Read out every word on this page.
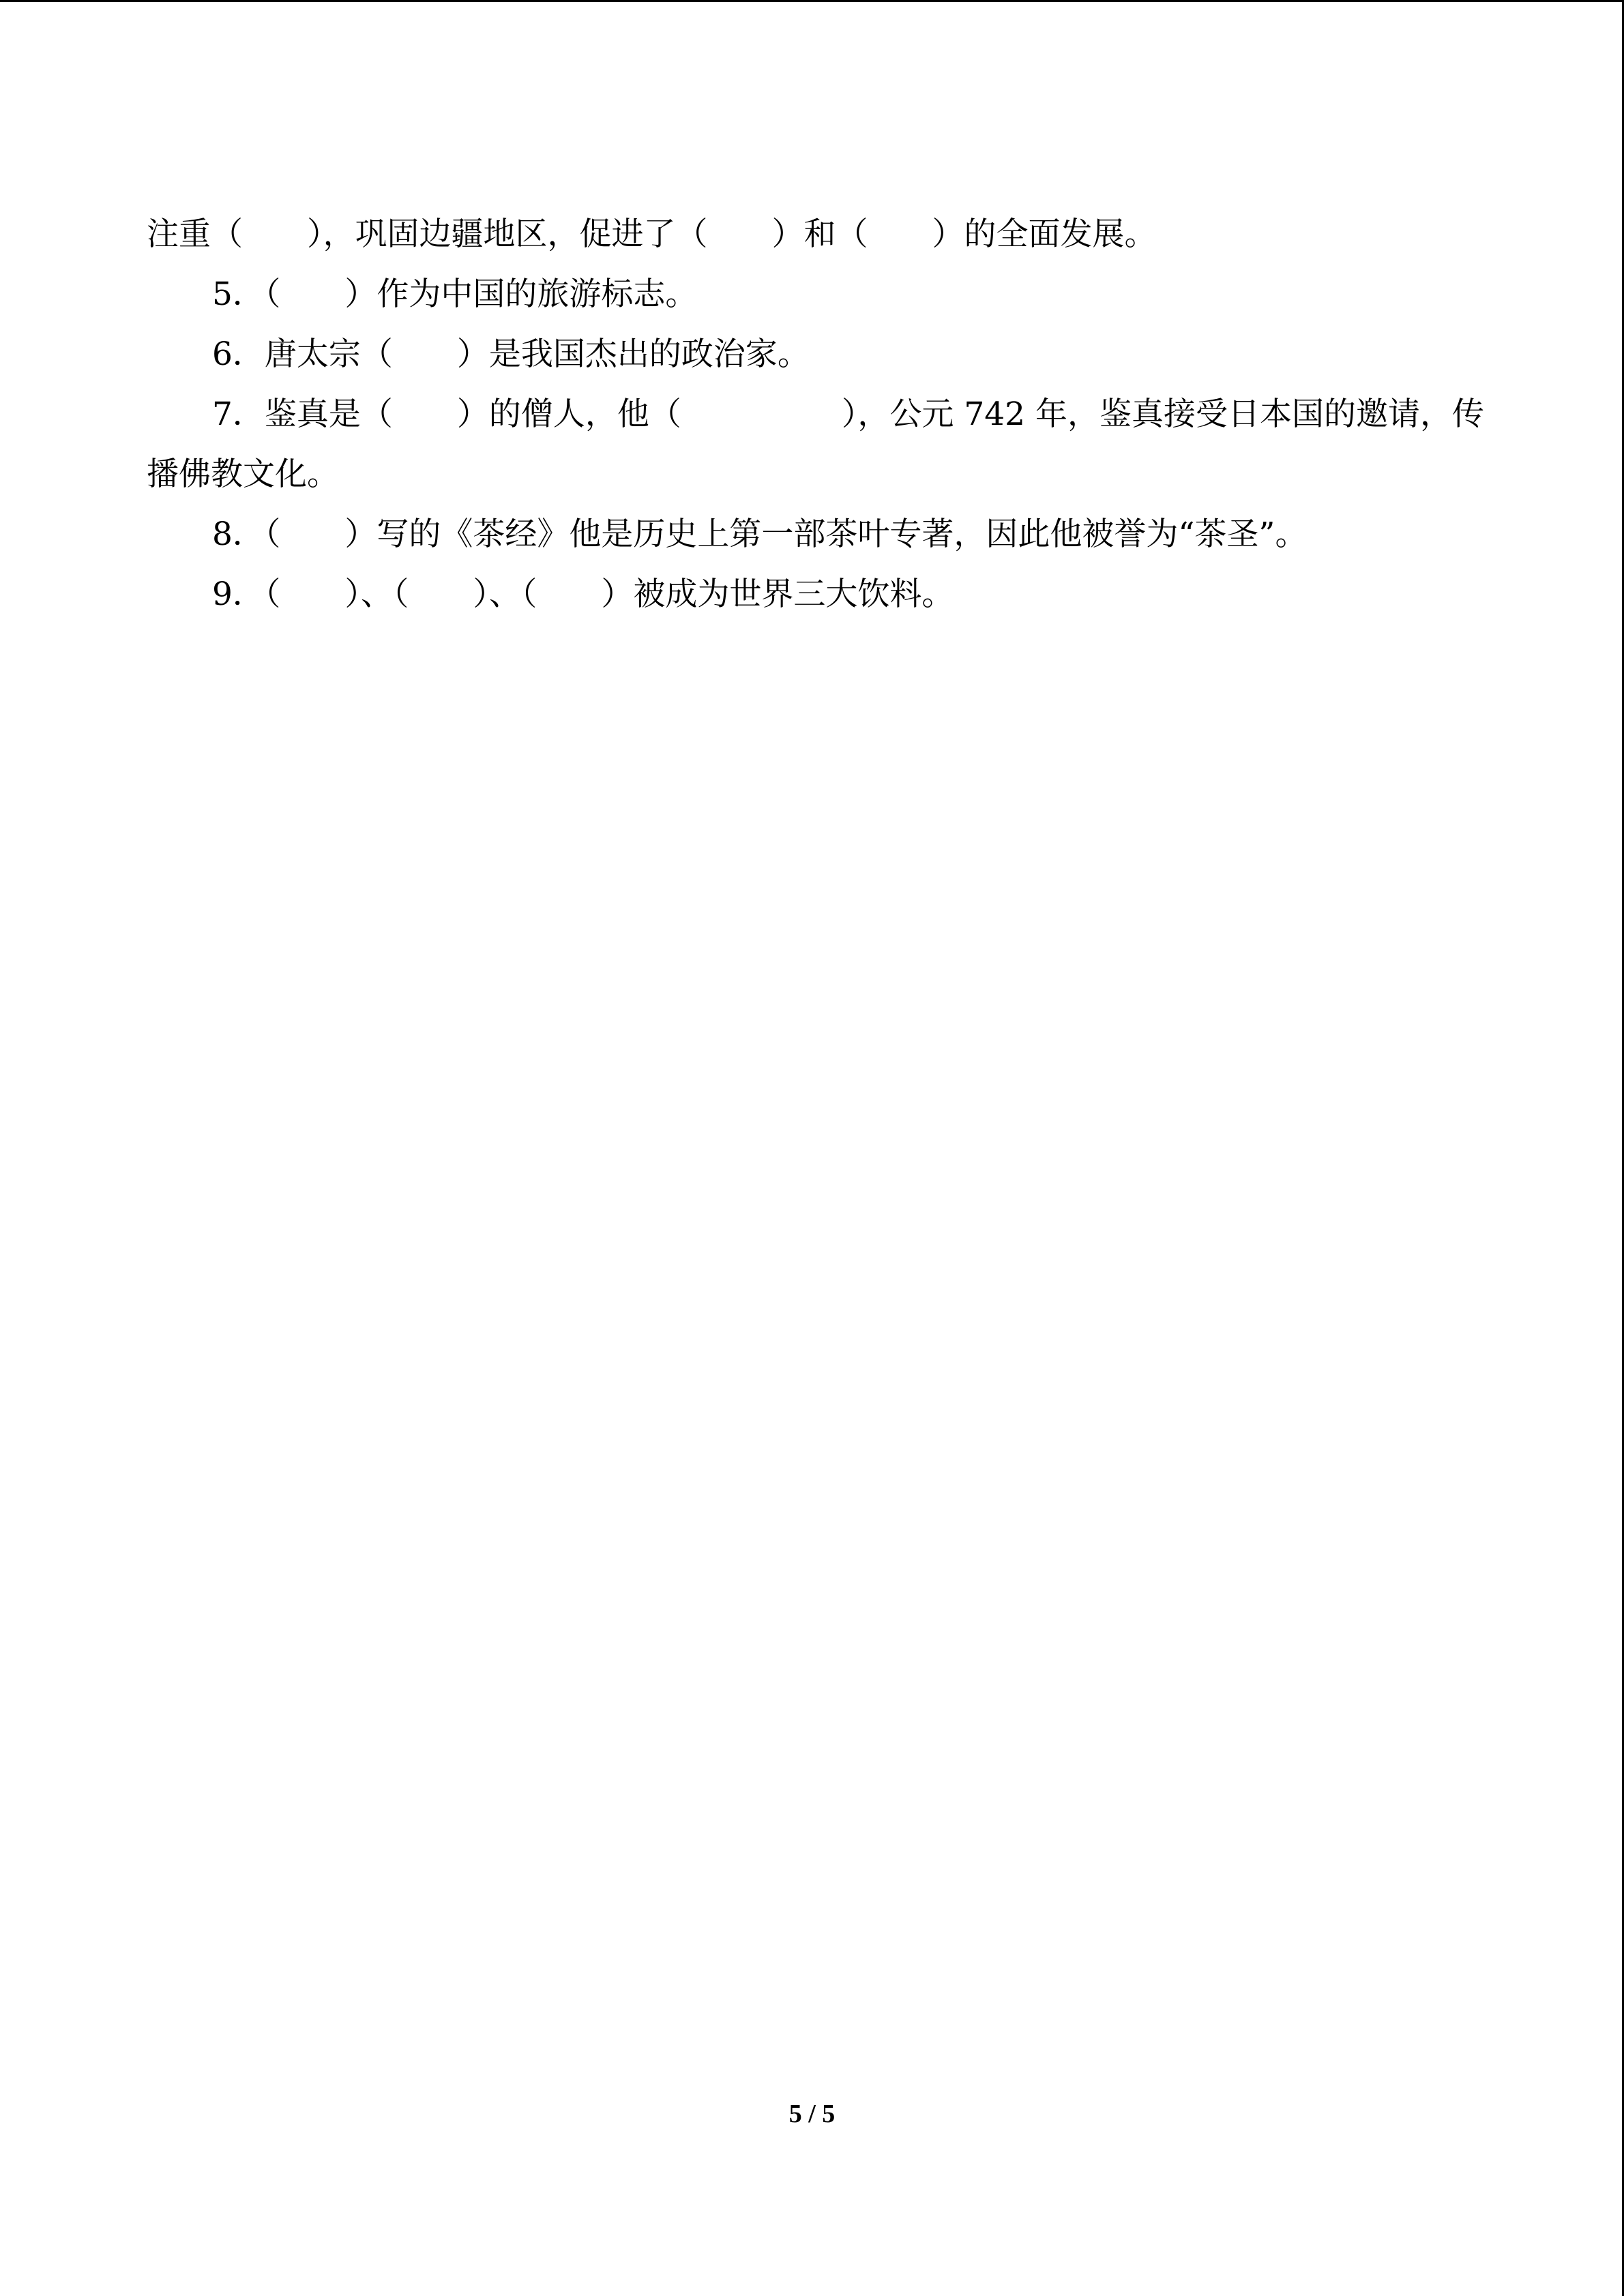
注重（　　），巩固边疆地区，促进了（　　）和（　　）的全面发展。
5．（　　）作为中国的旅游标志。
6．唐太宗（　　）是我国杰出的政治家。
7．鉴真是（　　）的僧人，他（　　　　　），公元 742 年，鉴真接受日本国的邀请，传
播佛教文化。
8．（　　）写的《茶经》他是历史上第一部茶叶专著，因此他被誉为“茶圣”。
9．（　　）、（　　）、（　　）被成为世界三大饮料。
5 / 5
